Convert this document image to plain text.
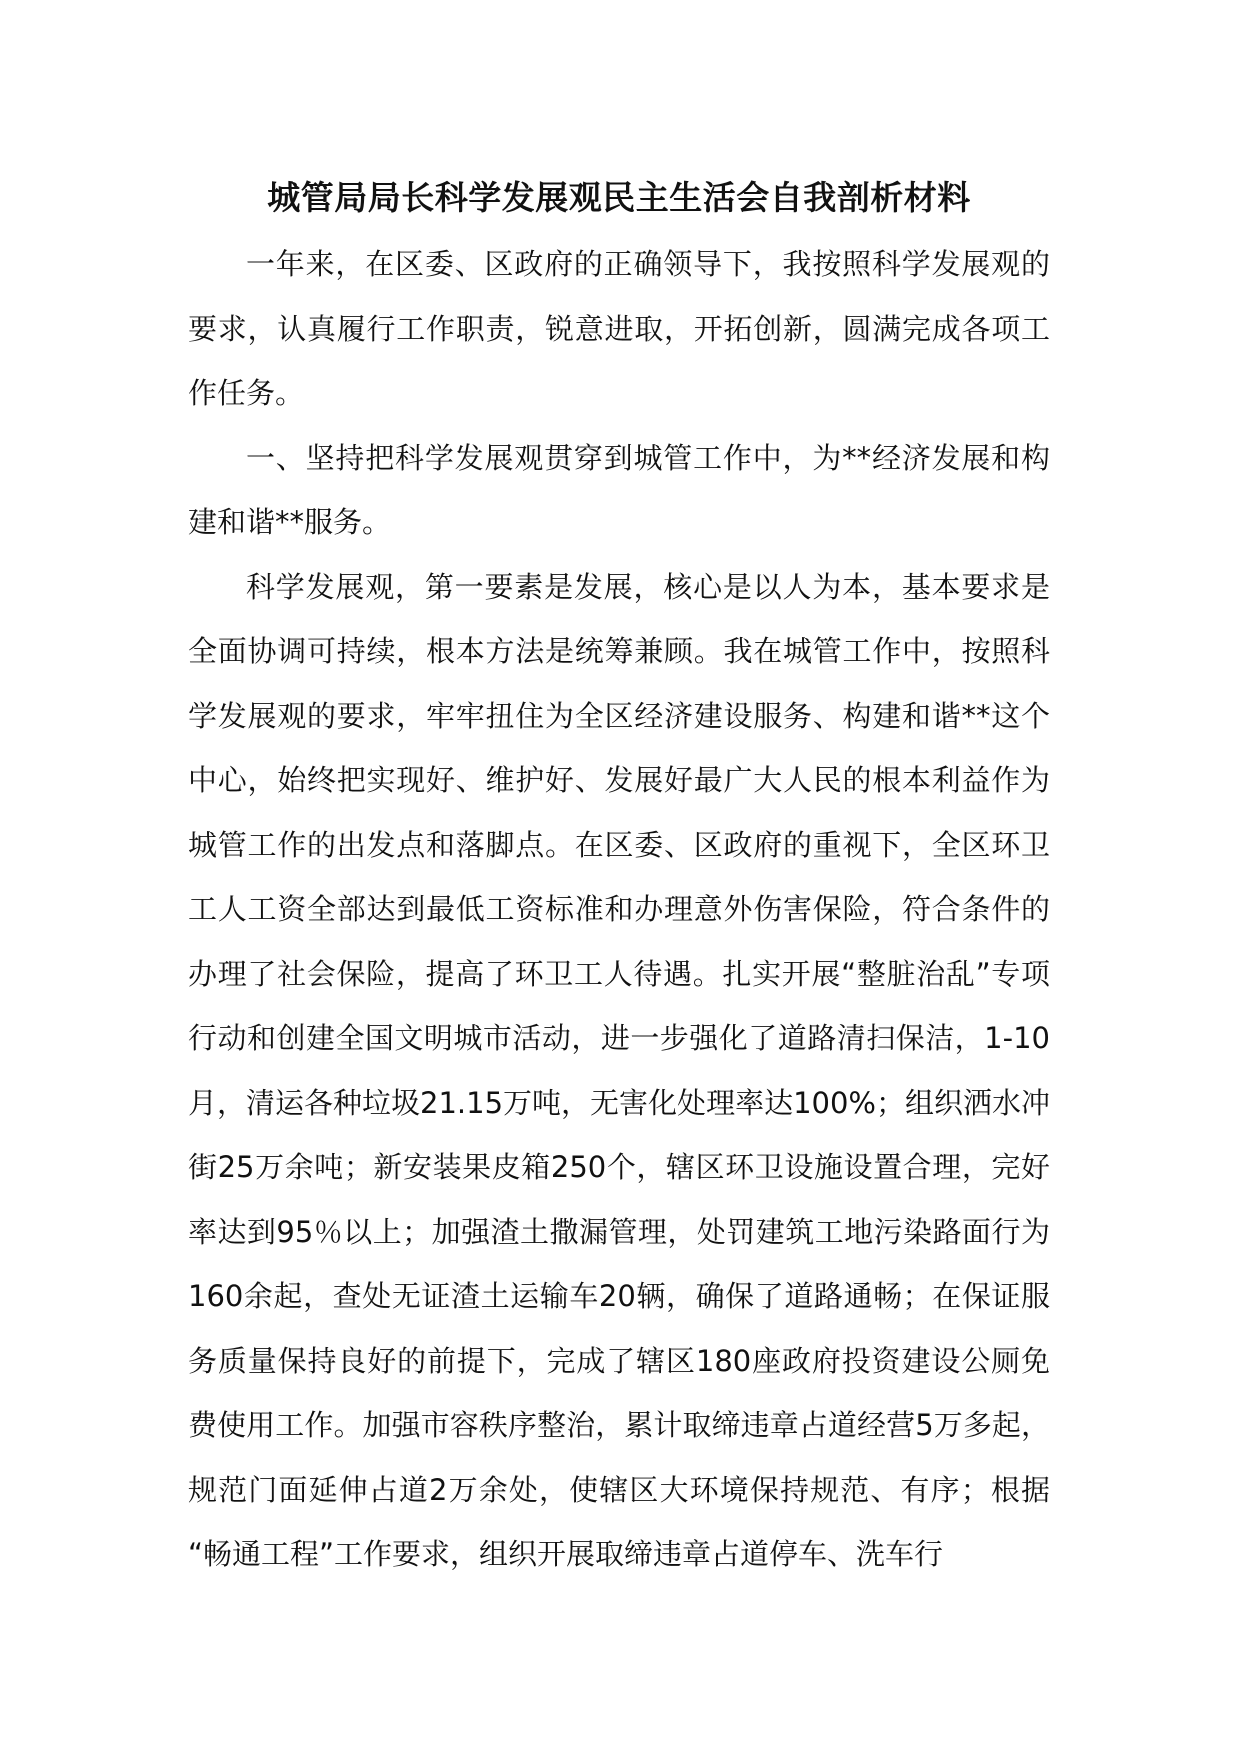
城管局局长科学发展观民主生活会自我剖析材料

一年来，在区委、区政府的正确领导下，我按照科学发展观的要求，认真履行工作职责，锐意进取，开拓创新，圆满完成各项工作任务。

一、坚持把科学发展观贯穿到城管工作中，为**经济发展和构建和谐**服务。

科学发展观，第一要素是发展，核心是以人为本，基本要求是全面协调可持续，根本方法是统筹兼顾。我在城管工作中，按照科学发展观的要求，牢牢扭住为全区经济建设服务、构建和谐**这个中心，始终把实现好、维护好、发展好最广大人民的根本利益作为城管工作的出发点和落脚点。在区委、区政府的重视下，全区环卫工人工资全部达到最低工资标准和办理意外伤害保险，符合条件的办理了社会保险，提高了环卫工人待遇。扎实开展“整脏治乱”专项行动和创建全国文明城市活动，进一步强化了道路清扫保洁，1-10月，清运各种垃圾21.15万吨，无害化处理率达100%；组织洒水冲街25万余吨；新安装果皮箱250个，辖区环卫设施设置合理，完好率达到95％以上；加强渣土撒漏管理，处罚建筑工地污染路面行为160余起，查处无证渣土运输车20辆，确保了道路通畅；在保证服务质量保持良好的前提下，完成了辖区180座政府投资建设公厕免费使用工作。加强市容秩序整治，累计取缔违章占道经营5万多起，规范门面延伸占道2万余处，使辖区大环境保持规范、有序；根据 “畅通工程”工作要求，组织开展取缔违章占道停车、洗车行
